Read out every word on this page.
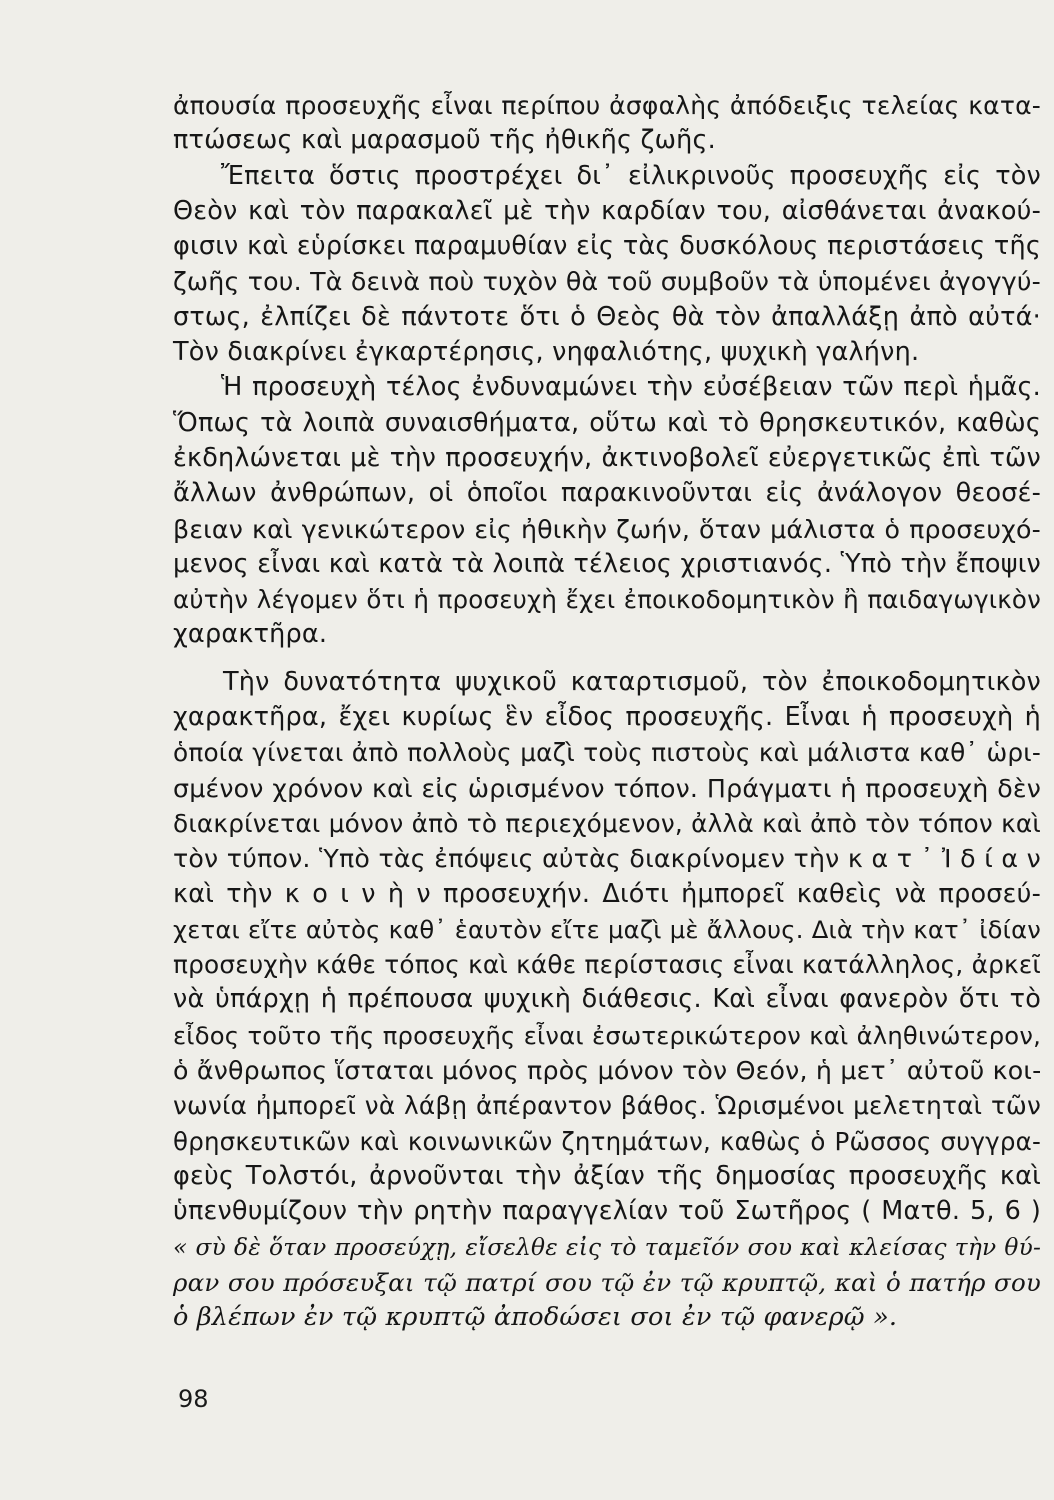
ἀπουσία προσευχῆς εἶναι περίπου ἀσφαλὴς ἀπόδειξις τελείας κατα-
πτώσεως καὶ μαρασμοῦ τῆς ἠθικῆς ζωῆς.
Ἔπειτα ὅστις προστρέχει δι᾽ εἰλικρινοῦς προσευχῆς εἰς τὸν
Θεὸν καὶ τὸν παρακαλεῖ μὲ τὴν καρδίαν του, αἰσθάνεται ἀνακού-
φισιν καὶ εὑρίσκει παραμυθίαν εἰς τὰς δυσκόλους περιστάσεις τῆς
ζωῆς του. Τὰ δεινὰ ποὺ τυχὸν θὰ τοῦ συμβοῦν τὰ ὑπομένει ἀγογγύ-
στως, ἐλπίζει δὲ πάντοτε ὅτι ὁ Θεὸς θὰ τὸν ἀπαλλάξῃ ἀπὸ αὐτά·
Τὸν διακρίνει ἐγκαρτέρησις, νηφαλιότης, ψυχικὴ γαλήνη.
Ἡ προσευχὴ τέλος ἐνδυναμώνει τὴν εὐσέβειαν τῶν περὶ ἡμᾶς.
Ὅπως τὰ λοιπὰ συναισθήματα, οὕτω καὶ τὸ θρησκευτικόν, καθὼς
ἐκδηλώνεται μὲ τὴν προσευχήν, ἀκτινοβολεῖ εὐεργετικῶς ἐπὶ τῶν
ἄλλων ἀνθρώπων, οἱ ὁποῖοι παρακινοῦνται εἰς ἀνάλογον θεοσέ-
βειαν καὶ γενικώτερον εἰς ἠθικὴν ζωήν, ὅταν μάλιστα ὁ προσευχό-
μενος εἶναι καὶ κατὰ τὰ λοιπὰ τέλειος χριστιανός. Ὑπὸ τὴν ἔποψιν
αὐτὴν λέγομεν ὅτι ἡ προσευχὴ ἔχει ἐποικοδομητικὸν ἢ παιδαγωγικὸν
χαρακτῆρα.
Τὴν δυνατότητα ψυχικοῦ καταρτισμοῦ, τὸν ἐποικοδομητικὸν
χαρακτῆρα, ἔχει κυρίως ἓν εἶδος προσευχῆς. Εἶναι ἡ προσευχὴ ἡ
ὁποία γίνεται ἀπὸ πολλοὺς μαζὶ τοὺς πιστοὺς καὶ μάλιστα καθ᾽ ὡρι-
σμένον χρόνον καὶ εἰς ὡρισμένον τόπον. Πράγματι ἡ προσευχὴ δὲν
διακρίνεται μόνον ἀπὸ τὸ περιεχόμενον, ἀλλὰ καὶ ἀπὸ τὸν τόπον καὶ
τὸν τύπον. Ὑπὸ τὰς ἐπόψεις αὐτὰς διακρίνομεν τὴν κ α τ ᾽ Ἰ δ ί α ν
καὶ τὴν κ ο ι ν ὴ ν προσευχήν. Διότι ἠμπορεῖ καθεὶς νὰ προσεύ-
χεται εἴτε αὐτὸς καθ᾽ ἑαυτὸν εἴτε μαζὶ μὲ ἄλλους. Διὰ τὴν κατ᾽ ἰδίαν
προσευχὴν κάθε τόπος καὶ κάθε περίστασις εἶναι κατάλληλος, ἀρκεῖ
νὰ ὑπάρχῃ ἡ πρέπουσα ψυχικὴ διάθεσις. Καὶ εἶναι φανερὸν ὅτι τὸ
εἶδος τοῦτο τῆς προσευχῆς εἶναι ἐσωτερικώτερον καὶ ἀληθινώτερον,
ὁ ἄνθρωπος ἵσταται μόνος πρὸς μόνον τὸν Θεόν, ἡ μετ᾽ αὐτοῦ κοι-
νωνία ἠμπορεῖ νὰ λάβῃ ἀπέραντον βάθος. Ὡρισμένοι μελετηταὶ τῶν
θρησκευτικῶν καὶ κοινωνικῶν ζητημάτων, καθὼς ὁ Ρῶσσος συγγρα-
φεὺς Τολστόι, ἀρνοῦνται τὴν ἀξίαν τῆς δημοσίας προσευχῆς καὶ
ὑπενθυμίζουν τὴν ρητὴν παραγγελίαν τοῦ Σωτῆρος ( Ματθ. 5, 6 )
« σὺ δὲ ὅταν προσεύχῃ, εἴσελθε εἰς τὸ ταμεῖόν σου καὶ κλείσας τὴν θύ-
ραν σου πρόσευξαι τῷ πατρί σου τῷ ἐν τῷ κρυπτῷ, καὶ ὁ πατήρ σου
ὁ βλέπων ἐν τῷ κρυπτῷ ἀποδώσει σοι ἐν τῷ φανερῷ ».
98
